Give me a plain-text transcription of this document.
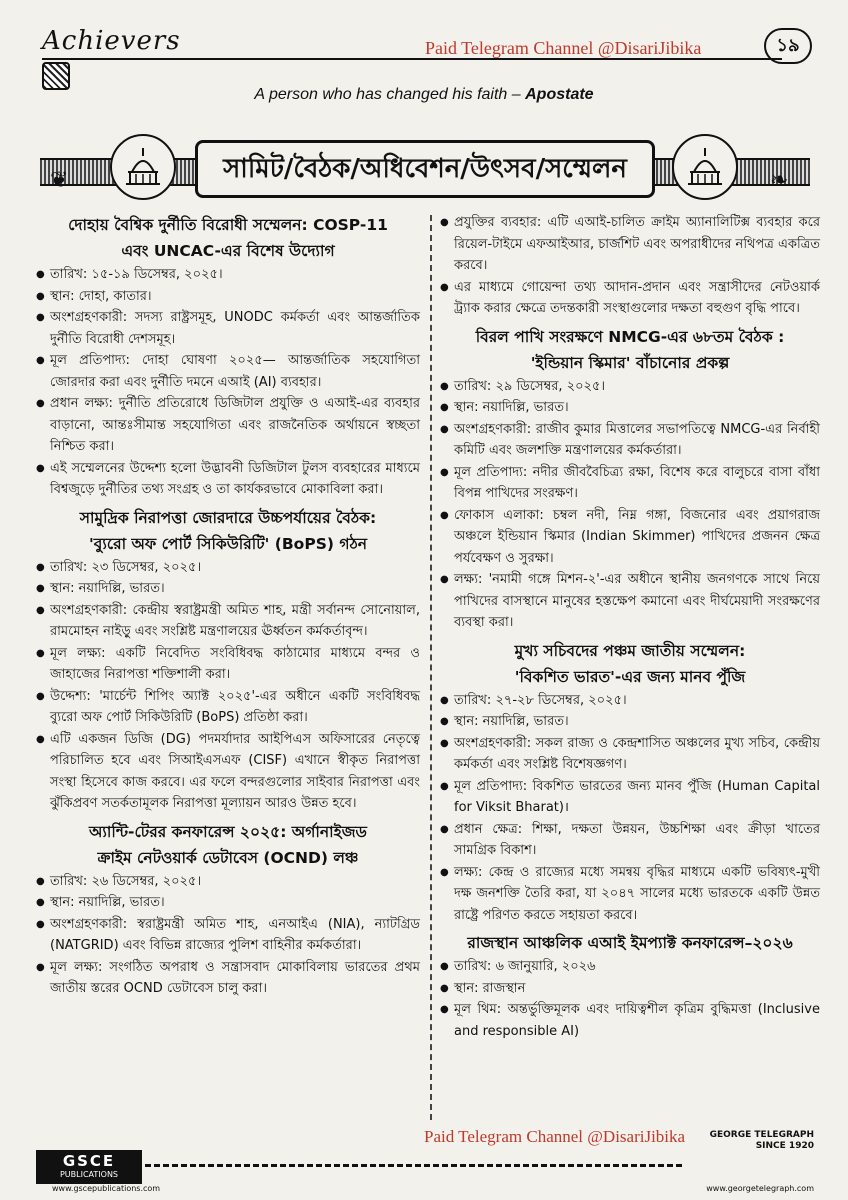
Achievers	Paid Telegram Channel @DisariJibika	১৯
A person who has changed his faith – Apostate
❦	সামিট/বৈঠক/অধিবেশন/উৎসব/সম্মেলন	❧
দোহায় বৈশ্বিক দুর্নীতি বিরোধী সম্মেলন: COSP-11
এবং UNCAC-এর বিশেষ উদ্যোগ
● তারিখ: ১৫-১৯ ডিসেম্বর, ২০২৫।
● স্থান: দোহা, কাতার।
● অংশগ্রহণকারী: সদস্য রাষ্ট্রসমূহ, UNODC কর্মকর্তা এবং আন্তর্জাতিক দুর্নীতি বিরোধী দেশসমূহ।
● মূল প্রতিপাদ্য: দোহা ঘোষণা ২০২৫— আন্তর্জাতিক সহযোগিতা জোরদার করা এবং দুর্নীতি দমনে এআই (AI) ব্যবহার।
● প্রধান লক্ষ্য: দুর্নীতি প্রতিরোধে ডিজিটাল প্রযুক্তি ও এআই-এর ব্যবহার বাড়ানো, আন্তঃসীমান্ত সহযোগিতা এবং রাজনৈতিক অর্থায়নে স্বচ্ছতা নিশ্চিত করা।
● এই সম্মেলনের উদ্দেশ্য হলো উদ্ভাবনী ডিজিটাল টুলস ব্যবহারের মাধ্যমে বিশ্বজুড়ে দুর্নীতির তথ্য সংগ্রহ ও তা কার্যকরভাবে মোকাবিলা করা।
সামুদ্রিক নিরাপত্তা জোরদারে উচ্চপর্যায়ের বৈঠক:
'ব্যুরো অফ পোর্ট সিকিউরিটি' (BoPS) গঠন
● তারিখ: ২৩ ডিসেম্বর, ২০২৫।
● স্থান: নয়াদিল্লি, ভারত।
● অংশগ্রহণকারী: কেন্দ্রীয় স্বরাষ্ট্রমন্ত্রী অমিত শাহ, মন্ত্রী সর্বানন্দ সোনোয়াল, রামমোহন নাইড়ু এবং সংশ্লিষ্ট মন্ত্রণালয়ের ঊর্ধ্বতন কর্মকর্তাবৃন্দ।
● মূল লক্ষ্য: একটি নিবেদিত সংবিধিবদ্ধ কাঠামোর মাধ্যমে বন্দর ও জাহাজের নিরাপত্তা শক্তিশালী করা।
● উদ্দেশ্য: 'মার্চেন্ট শিপিং অ্যাক্ট ২০২৫'-এর অধীনে একটি সংবিধিবদ্ধ ব্যুরো অফ পোর্ট সিকিউরিটি (BoPS) প্রতিষ্ঠা করা।
● এটি একজন ডিজি (DG) পদমর্যাদার আইপিএস অফিসারের নেতৃত্বে পরিচালিত হবে এবং সিআইএসএফ (CISF) এখানে স্বীকৃত নিরাপত্তা সংস্থা হিসেবে কাজ করবে। এর ফলে বন্দরগুলোর সাইবার নিরাপত্তা এবং ঝুঁকিপ্রবণ সতর্কতামূলক নিরাপত্তা মূল্যায়ন আরও উন্নত হবে।
অ্যান্টি-টেরর কনফারেন্স ২০২৫: অর্গানাইজড
ক্রাইম নেটওয়ার্ক ডেটাবেস (OCND) লঞ্চ
● তারিখ: ২৬ ডিসেম্বর, ২০২৫।
● স্থান: নয়াদিল্লি, ভারত।
● অংশগ্রহণকারী: স্বরাষ্ট্রমন্ত্রী অমিত শাহ, এনআইএ (NIA), ন্যাটগ্রিড (NATGRID) এবং বিভিন্ন রাজ্যের পুলিশ বাহিনীর কর্মকর্তারা।
● মূল লক্ষ্য: সংগঠিত অপরাধ ও সন্ত্রাসবাদ মোকাবিলায় ভারতের প্রথম জাতীয় স্তরের OCND ডেটাবেস চালু করা।
● প্রযুক্তির ব্যবহার: এটি এআই-চালিত ক্রাইম অ্যানালিটিক্স ব্যবহার করে রিয়েল-টাইমে এফআইআর, চার্জশিট এবং অপরাধীদের নথিপত্র একত্রিত করবে।
● এর মাধ্যমে গোয়েন্দা তথ্য আদান-প্রদান এবং সন্ত্রাসীদের নেটওয়ার্ক ট্র্যাক করার ক্ষেত্রে তদন্তকারী সংস্থাগুলোর দক্ষতা বহুগুণ বৃদ্ধি পাবে।
বিরল পাখি সংরক্ষণে NMCG-এর ৬৮তম বৈঠক :
'ইন্ডিয়ান স্কিমার' বাঁচানোর প্রকল্প
● তারিখ: ২৯ ডিসেম্বর, ২০২৫।
● স্থান: নয়াদিল্লি, ভারত।
● অংশগ্রহণকারী: রাজীব কুমার মিত্তালের সভাপতিত্বে NMCG-এর নির্বাহী কমিটি এবং জলশক্তি মন্ত্রণালয়ের কর্মকর্তারা।
● মূল প্রতিপাদ্য: নদীর জীববৈচিত্র্য রক্ষা, বিশেষ করে বালুচরে বাসা বাঁধা বিপন্ন পাখিদের সংরক্ষণ।
● ফোকাস এলাকা: চম্বল নদী, নিম্ন গঙ্গা, বিজনোর এবং প্রয়াগরাজ অঞ্চলে ইন্ডিয়ান স্কিমার (Indian Skimmer) পাখিদের প্রজনন ক্ষেত্র পর্যবেক্ষণ ও সুরক্ষা।
● লক্ষ্য: 'নমামী গঙ্গে মিশন-২'-এর অধীনে স্থানীয় জনগণকে সাথে নিয়ে পাখিদের বাসস্থানে মানুষের হস্তক্ষেপ কমানো এবং দীর্ঘমেয়াদী সংরক্ষণের ব্যবস্থা করা।
মুখ্য সচিবদের পঞ্চম জাতীয় সম্মেলন:
'বিকশিত ভারত'-এর জন্য মানব পুঁজি
● তারিখ: ২৭-২৮ ডিসেম্বর, ২০২৫।
● স্থান: নয়াদিল্লি, ভারত।
● অংশগ্রহণকারী: সকল রাজ্য ও কেন্দ্রশাসিত অঞ্চলের মুখ্য সচিব, কেন্দ্রীয় কর্মকর্তা এবং সংশ্লিষ্ট বিশেষজ্ঞগণ।
● মূল প্রতিপাদ্য: বিকশিত ভারতের জন্য মানব পুঁজি (Human Capital for Viksit Bharat)।
● প্রধান ক্ষেত্র: শিক্ষা, দক্ষতা উন্নয়ন, উচ্চশিক্ষা এবং ক্রীড়া খাতের সামগ্রিক বিকাশ।
● লক্ষ্য: কেন্দ্র ও রাজ্যের মধ্যে সমন্বয় বৃদ্ধির মাধ্যমে একটি ভবিষ্যৎ-মুখী দক্ষ জনশক্তি তৈরি করা, যা ২০৪৭ সালের মধ্যে ভারতকে একটি উন্নত রাষ্ট্রে পরিণত করতে সহায়তা করবে।
রাজস্থান আঞ্চলিক এআই ইমপ্যাক্ট কনফারেন্স–২০২৬
● তারিখ: ৬ জানুয়ারি, ২০২৬
● স্থান: রাজস্থান
● মূল থিম: অন্তর্ভুক্তিমূলক এবং দায়িত্বশীল কৃত্রিম বুদ্ধিমত্তা (Inclusive and responsible AI)
Paid Telegram Channel @DisariJibika
GSCE
PUBLICATIONS
www.gscepublications.com
GEORGE TELEGRAPH
SINCE 1920
www.georgetelegraph.com
